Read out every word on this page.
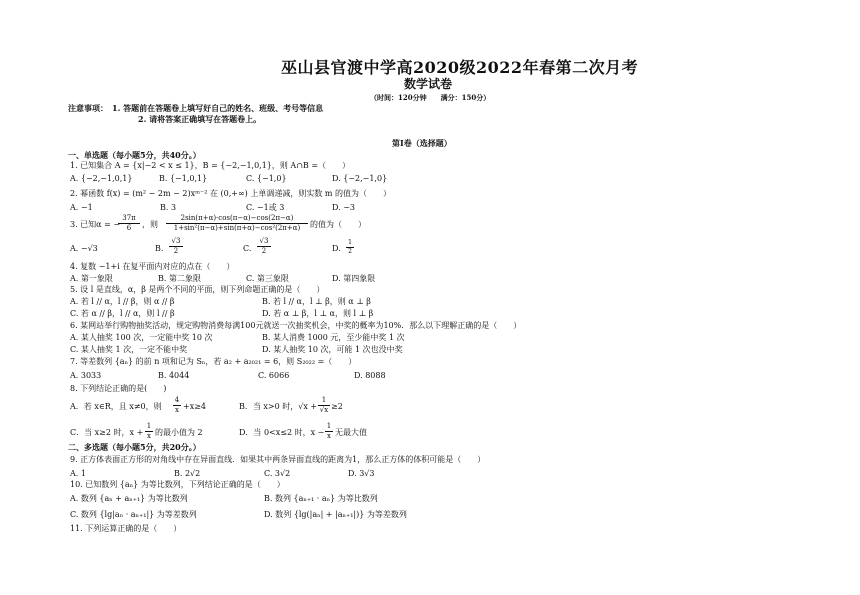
巫山县官渡中学高2020级2022年春第二次月考
数学试卷
（时间：120分钟　　满分：150分）
注意事项： 1. 答题前在答题卷上填写好自己的姓名、班级、考号等信息
2. 请将答案正确填写在答题卷上。
第Ⅰ卷（选择题）
一、单选题（每小题5分，共40分。）
1. 已知集合 A = {x|−2 < x ≤ 1}，B = {−2,−1,0,1}，则 A∩B =（　　）
A. {−2,−1,0,1}	B. {−1,0,1}	C. {−1,0}	D. {−2,−1,0}
2. 幂函数 f(x) = (m² − 2m − 2)xᵐ⁻² 在 (0,+∞) 上单调递减，则实数 m 的值为（　　）
A. −1	B. 3	C. −1或 3	D. −3
3. 已知α = −
$\frac{37\pi}{6}$ ，则 $\frac{2\sin(\pi+\alpha)\cdot\cos(\pi-\alpha)-\cos(2\pi-\alpha)}{\text{1+sin²(π−α)+sin(π+α)−cos²(2π+α)}}$ 的值为（　　）
A. −√3	B. $\frac{√3}{2}$	C. $\frac{√3}{2}$	D. $\frac{1}{2}$
4. 复数 −1+i 在复平面内对应的点在（　　）
A. 第一象限	B. 第二象限	C. 第三象限	D. 第四象限
5. 设 l 是直线，α，β 是两个不同的平面，则下列命题正确的是（　　）
A. 若 l // α，l // β，则 α // β	B. 若 l // α，l ⊥ β，则 α ⊥ β
C. 若 α // β，l // α，则 l // β	D. 若 α ⊥ β，l ⊥ α，则 l ⊥ β
6. 某网站举行购物抽奖活动，规定购物消费每满100元就送一次抽奖机会，中奖的概率为10%．那么以下理解正确的是（　　）
A. 某人抽奖 100 次，一定能中奖 10 次	B. 某人消费 1000 元，至少能中奖 1 次
C. 某人抽奖 1 次，一定不能中奖	D. 某人抽奖 10 次，可能 1 次也没中奖
7. 等差数列 {aₙ} 的前 n 项和记为 Sₙ，若 a₂ + a₂₀₂₁ = 6，则 S₂₀₂₂ =（　　）
A. 3033	B. 4044	C. 6066	D. 8088
8. 下列结论正确的是(　　)
A．若 x∈R，且 x≠0，则 $\frac{4}{x} +x\ge 4$	B．当 x>0 时，$√x + \frac{1}{√x} \ge 2$
C．当 x≥2 时，$x + \frac{1}{x}$ 的最小值为 2	D．当 0<x≤2 时，$x - \frac{1}{x}$ 无最大值
二、多选题（每小题5分，共20分。）
9. 正方体表面正方形的对角线中存在异面直线．如果其中两条异面直线的距离为1，那么正方体的体积可能是（　　）
A. 1	B. 2√2	C. 3√2	D. 3√3
10. 已知数列 {aₙ} 为等比数列，下列结论正确的是（　　）
A. 数列 {aₙ + aₙ₊₁} 为等比数列	B. 数列 {aₙ₊₁ · aₙ} 为等比数列
C. 数列 {lg|aₙ · aₙ₊₁|} 为等差数列	D. 数列 {lg(|aₙ| + |aₙ₊₁|)} 为等差数列
11. 下列运算正确的是（　　）
